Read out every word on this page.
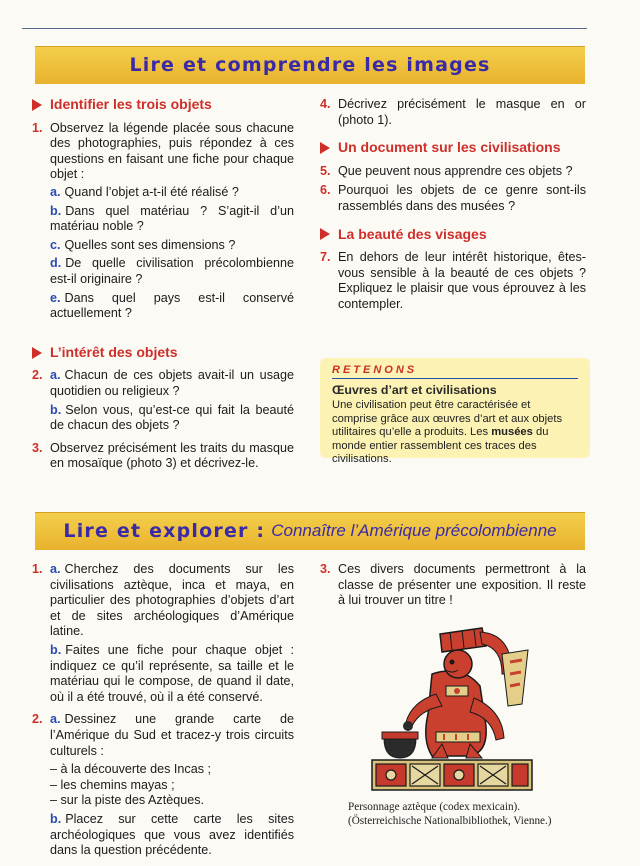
Lire et comprendre les images
Identifier les trois objets
1. Observez la légende placée sous chacune des photographies, puis répondez à ces questions en faisant une fiche pour chaque objet :

a. Quand l’objet a-t-il été réalisé ?
b. Dans quel matériau ? S’agit-il d’un matériau noble ?
c. Quelles sont ses dimensions ?
d. De quelle civilisation précolombienne est-il originaire ?
e. Dans quel pays est-il conservé actuellement ?
L’intérêt des objets
2. a. Chacun de ces objets avait-il un usage quotidien ou religieux ?
b. Selon vous, qu’est-ce qui fait la beauté de chacun des objets ?
3. Observez précisément les traits du masque en mosaïque (photo 3) et décrivez-le.

4. Décrivez précisément le masque en or (photo 1).

Un document sur les civilisations
5. Que peuvent nous apprendre ces objets ?

6. Pourquoi les objets de ce genre sont-ils rassemblés dans des musées ?

La beauté des visages
7. En dehors de leur intérêt historique, êtes-vous sensible à la beauté de ces objets ? Expliquez le plaisir que vous éprouvez à les contempler.

RETENONS
Œuvres d’art et civilisations
Une civilisation peut être caractérisée et comprise grâce aux œuvres d’art et aux objets utilitaires qu’elle a produits. Les musées du monde entier rassemblent ces traces des civilisations.
Lire et explorer : Connaître l’Amérique précolombienne
1. a. Cherchez des documents sur les civilisations aztèque, inca et maya, en particulier des photographies d’objets d’art et de sites archéologiques d’Amérique latine.
b. Faites une fiche pour chaque objet : indiquez ce qu’il représente, sa taille et le matériau qui le compose, de quand il date, où il a été trouvé, où il a été conservé.
2. a. Dessinez une grande carte de l’Amérique du Sud et tracez-y trois circuits culturels :
– à la découverte des Incas ;
– les chemins mayas ;
– sur la piste des Aztèques.
b. Placez sur cette carte les sites archéologiques que vous avez identifiés dans la question précédente.
3. Ces divers documents permettront à la classe de présenter une exposition. Il reste à lui trouver un titre !

Personnage aztèque (codex mexicain).
(Österreichische Nationalbibliothek, Vienne.)
